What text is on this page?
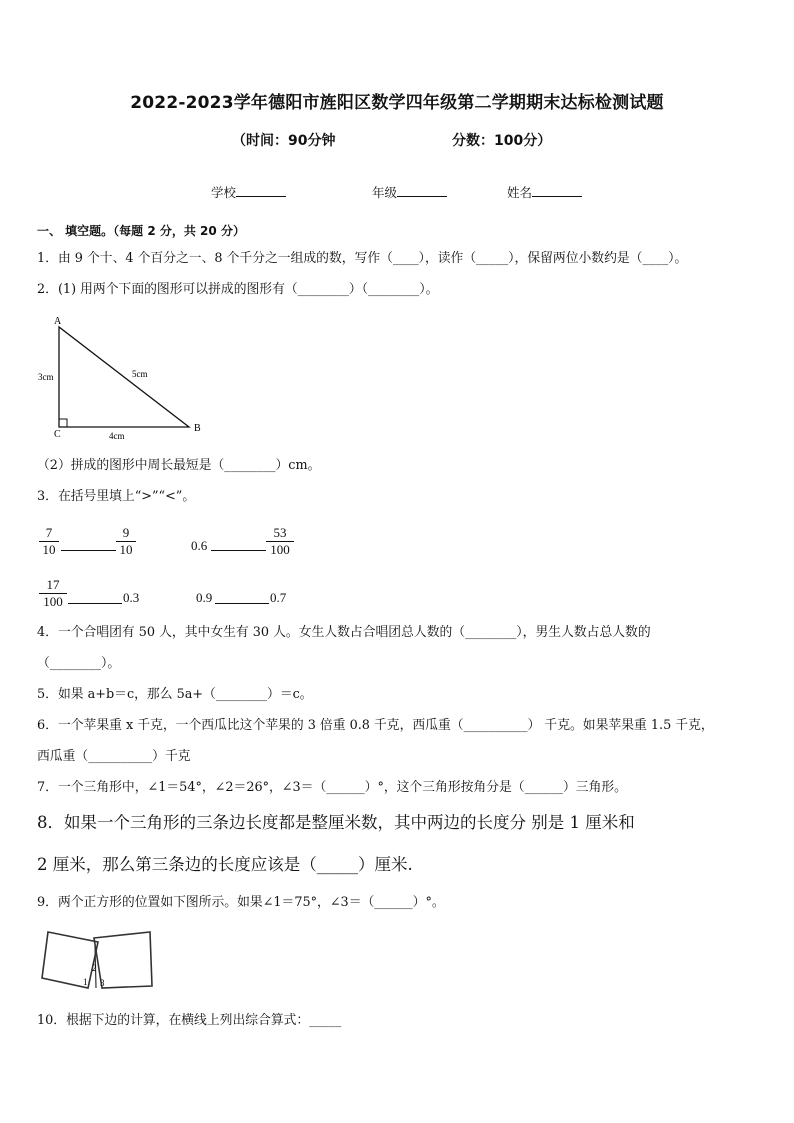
2022-2023学年德阳市旌阳区数学四年级第二学期期末达标检测试题
（时间：90分钟	分数：100分）
学校	年级	姓名
一、 填空题。（每题 2 分，共 20 分）
1．由 9 个十、4 个百分之一、8 个千分之一组成的数，写作（____），读作（_____），保留两位小数约是（____）。
2．(1) 用两个下面的图形可以拼成的图形有（________）（________）。
A
B
C
3cm	5cm
4cm
（2）拼成的图形中周长最短是（________）cm。
3．在括号里填上“>”“<”。
7
10
9
10	0.6
53
100
17
100	0.3	0.9	0.7
4．一个合唱团有 50 人，其中女生有 30 人。女生人数占合唱团总人数的（________），男生人数占总人数的
（________）。
5．如果 a+b＝c，那么 5a+（________）＝c。
6．一个苹果重 x 千克，一个西瓜比这个苹果的 3 倍重 0.8 千克，西瓜重（__________） 千克。如果苹果重 1.5 千克，
西瓜重（__________）千克
7．一个三角形中，∠1＝54°，∠2＝26°，∠3＝（______）°，这个三角形按角分是（______）三角形。
8．如果一个三角形的三条边长度都是整厘米数，其中两边的长度分 别是 1 厘米和
2 厘米，那么第三条边的长度应该是（_____）厘米.
9．两个正方形的位置如下图所示。如果∠1＝75°，∠3＝（______）°。
1
2
3
10．根据下边的计算，在横线上列出综合算式：_____
